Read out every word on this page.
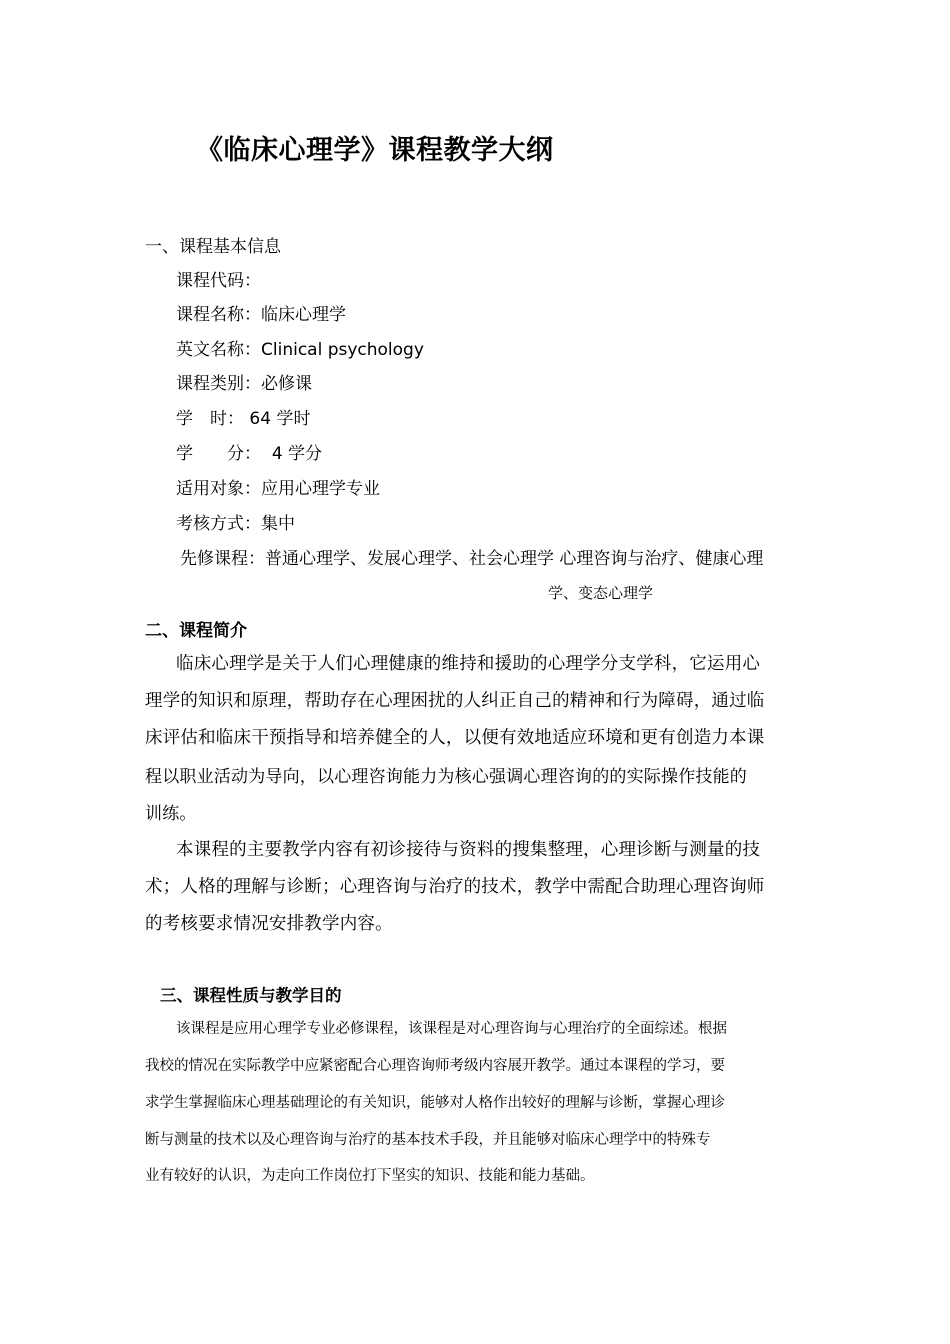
《临床心理学》课程教学大纲
一、课程基本信息
课程代码：
课程名称：临床心理学
英文名称：Clinical psychology
课程类别：必修课
学　时： 64 学时
学　　分： 4 学分
适用对象：应用心理学专业
考核方式：集中
先修课程：普通心理学、发展心理学、社会心理学 心理咨询与治疗、健康心理
学、变态心理学
二、课程简介
临床心理学是关于人们心理健康的维持和援助的心理学分支学科，它运用心
理学的知识和原理，帮助存在心理困扰的人纠正自己的精神和行为障碍，通过临
床评估和临床干预指导和培养健全的人，以便有效地适应环境和更有创造力本课
程以职业活动为导向，以心理咨询能力为核心强调心理咨询的的实际操作技能的
训练。
本课程的主要教学内容有初诊接待与资料的搜集整理，心理诊断与测量的技
术；人格的理解与诊断；心理咨询与治疗的技术，教学中需配合助理心理咨询师
的考核要求情况安排教学内容。
三、课程性质与教学目的
该课程是应用心理学专业必修课程，该课程是对心理咨询与心理治疗的全面综述。根据
我校的情况在实际教学中应紧密配合心理咨询师考级内容展开教学。通过本课程的学习，要
求学生掌握临床心理基础理论的有关知识，能够对人格作出较好的理解与诊断，掌握心理诊
断与测量的技术以及心理咨询与治疗的基本技术手段，并且能够对临床心理学中的特殊专
业有较好的认识，为走向工作岗位打下坚实的知识、技能和能力基础。
